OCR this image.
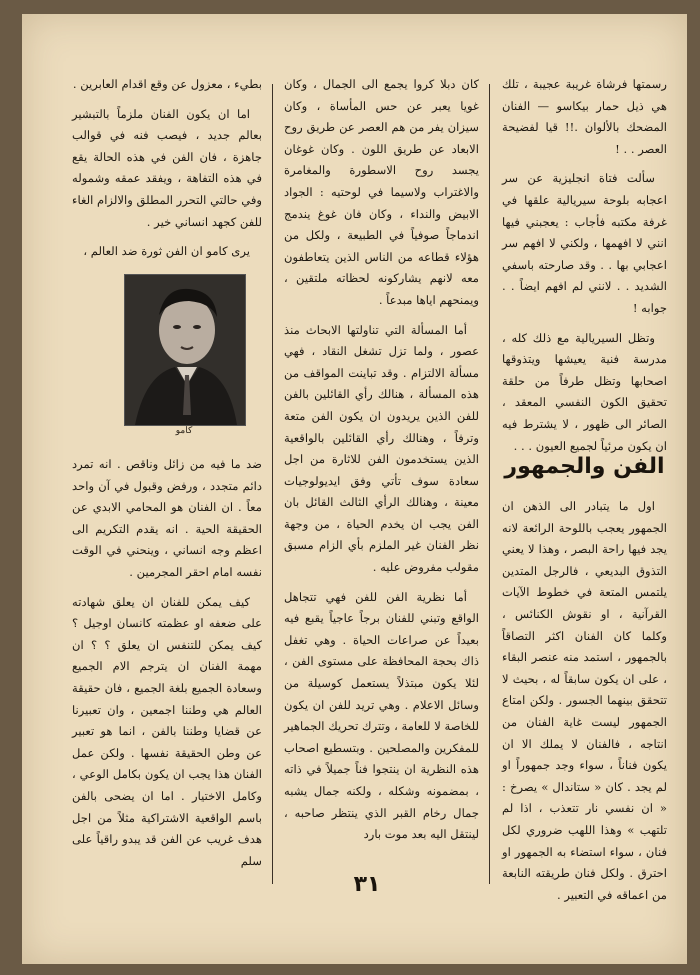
رسمتها فرشاة غريبة عجيبة ، تلك هي ذيل حمار بيكاسو — الفنان المضحك بالألوان .!! قيا لفضيحة العصر . . !

سألت فتاة انجليزية عن سر اعجابه بلوحة سيريالية علقها في غرفة مكتبه فأجاب : يعجبني فيها انني لا افهمها ، ولكني لا افهم سر اعجابي بها . . وقد صارحته باسفي الشديد . . لانني لم افهم ايضاً . . جوابه !

وتظل السيريالية مع ذلك كله ، مدرسة فنية يعيشها ويتذوقها اصحابها وتظل طرفاً من حلقة تحقيق الكون النفسي المعقد ، الصائر الى ظهور ، لا يشترط فيه ان يكون مرئياً لجميع العيون . . .

الفن والجمهور

اول ما يتبادر الى الذهن ان الجمهور يعجب باللوحة الرائعة لانه يجد فيها راحة البصر ، وهذا لا يعني التذوق البديعي ، فالرجل المتدين يلتمس المتعة في خطوط الآيات القرآنية ، او نقوش الكنائس ، وكلما كان الفنان اكثر التصاقاً بالجمهور ، استمد منه عنصر البقاء ، على ان يكون سابقاً له ، بحيث لا تتحقق بينهما الجسور . ولكن امتاع الجمهور ليست غاية الفنان من انتاجه ، فالفنان لا يملك الا ان يكون فناناً ، سواء وجد جمهوراً او لم يجد . كان « ستاندال » يصرخ : « ان نفسي نار تتعذب ، اذا لم تلتهب » وهذا اللهب ضروري لكل فنان ، سواء استضاء به الجمهور او احترق . ولكل فنان طريقته النابعة من اعماقه في التعبير .

كان دبلا كروا يجمع الى الجمال ، وكان غويا يعبر عن حس المأساة ، وكان سيزان يفر من هم العصر عن طريق روح الابعاد عن طريق اللون . وكان غوغان يجسد روح الاسطورة والمغامرة والاغتراب ولاسيما في لوحتيه : الجواد الابيض والنداء ، وكان فان غوغ يندمج اندماجاً صوفياً في الطبيعة ، ولكل من هؤلاء قطاعه من الناس الذين يتعاطفون معه لانهم يشاركونه لحظاته ملتقين ، ويمنحهم اياها مبدعاً .

أما المسألة التي تناولتها الابحاث منذ عصور ، ولما تزل تشغل النقاد ، فهي مسألة الالتزام . وقد تباينت المواقف من هذه المسألة ، هنالك رأي القائلين بالفن للفن الذين يريدون ان يكون الفن متعة وترفاً ، وهنالك رأي القائلين بالواقعية الذين يستخدمون الفن للاثارة من اجل سعادة سوف تأتي وفق ايديولوجيات معينة ، وهنالك الرأي الثالث القائل بان الفن يجب ان يخدم الحياة ، من وجهة نظر الفنان غير الملزم بأي الزام مسبق مقولب مفروض عليه .

أما نظرية الفن للفن فهي تتجاهل الواقع وتبني للفنان برجاً عاجياً يقبع فيه بعيداً عن صراعات الحياة . وهي تغفل ذاك بحجة المحافظة على مستوى الفن ، لئلا يكون مبتذلاً يستعمل كوسيلة من وسائل الاعلام . وهي تريد للفن ان يكون للخاصة لا للعامة ، وتترك تحريك الجماهير للمفكرين والمصلحين . وبتسطيع اصحاب هذه النظرية ان ينتجوا فناً جميلاً في ذاته ، بمضمونه وشكله ، ولكنه جمال يشبه جمال رخام القبر الذي ينتظر صاحبه ، لينتقل اليه بعد موت بارد

بطيء ، معزول عن وقع اقدام العابرين .

اما ان يكون الفنان ملزماً بالتبشير بعالم جديد ، فيصب فنه في قوالب جاهزة ، فان الفن في هذه الحالة يقع في هذه التفاهة ، ويفقد عمقه وشموله وفي حالتي التحرر المطلق والالزام الغاء للفن كجهد انساني خير .

يرى كامو ان الفن ثورة ضد العالم ،

كامو

ضد ما فيه من زائل وناقص . انه تمرد دائم متجدد ، ورفض وقبول في آن واحد معاً . ان الفنان هو المحامي الابدي عن الحقيقة الحية . انه يقدم التكريم الى اعظم وجه انساني ، وينحني في الوقت نفسه امام احقر المجرمين .

كيف يمكن للفنان ان يعلق شهادته على ضعفه او عظمته كانسان اوجيل ؟ كيف يمكن للتنفس ان يعلق ؟ ؟ ان مهمة الفنان ان يترجم الام الجميع وسعادة الجميع بلغة الجميع ، فان حقيقة العالم هي وطننا اجمعين ، وان تعبيرنا عن قضايا وطننا بالفن ، انما هو تعبير عن وطن الحقيقة نفسها . ولكن عمل الفنان هذا يجب ان يكون بكامل الوعي ، وكامل الاختيار . اما ان يضحى بالفن باسم الواقعية الاشتراكية مثلاً من اجل هدف غريب عن الفن قد يبدو راقياً على سلم

٣١
